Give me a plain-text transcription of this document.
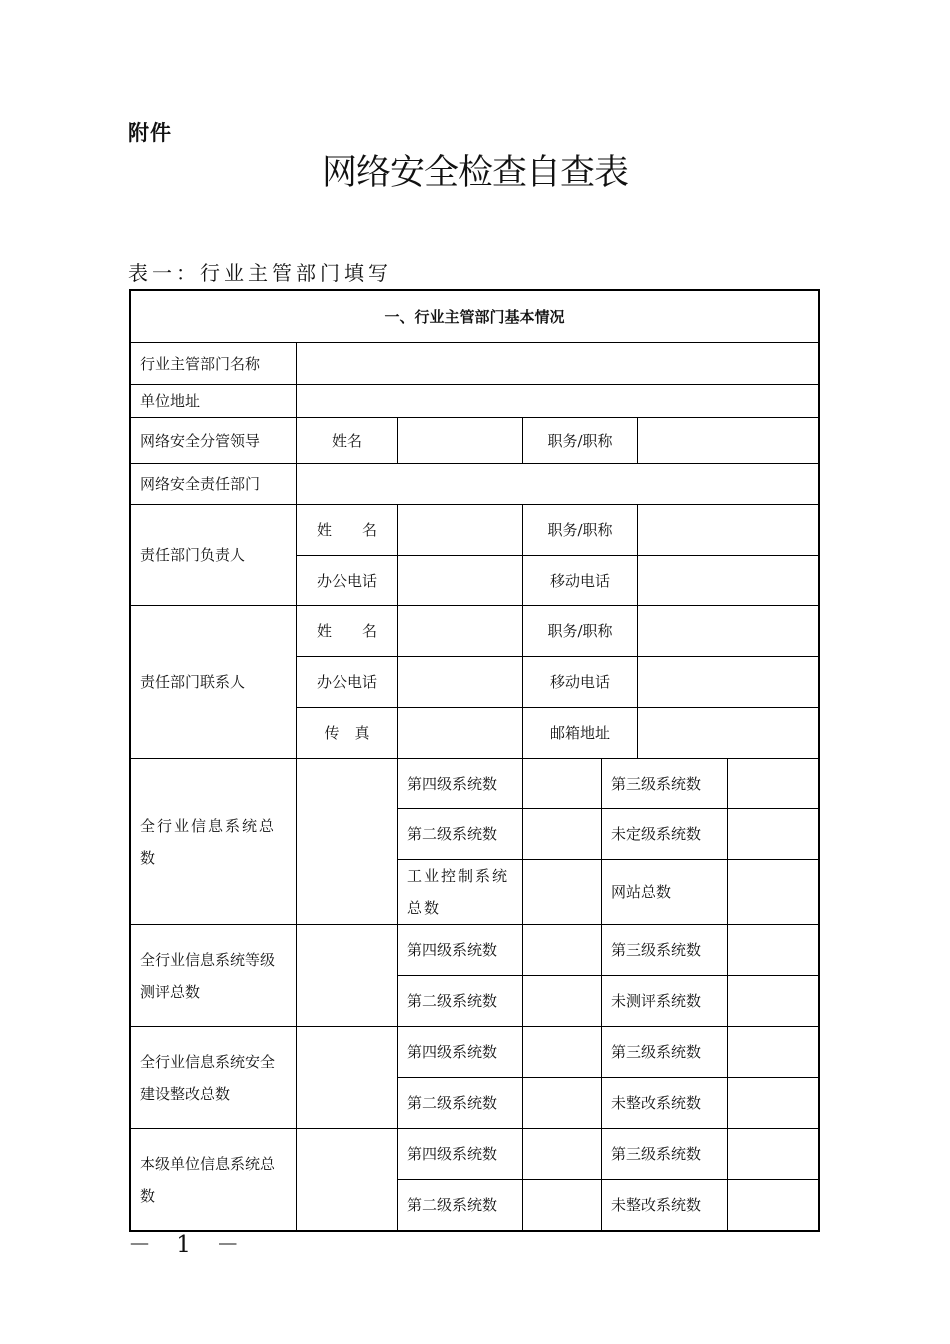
附件
网络安全检查自查表
表一：行业主管部门填写
一、行业主管部门基本情况						
行业主管部门名称						
单位地址						
网络安全分管领导	姓名		职务/职称			
网络安全责任部门						
责任部门负责人	姓　　名		职务/职称			
	办公电话		移动电话			
责任部门联系人	姓　　名		职务/职称			
	办公电话		移动电话			
	传　真		邮箱地址			
全行业信息系统总数		第四级系统数		第三级系统数		
		第二级系统数		未定级系统数		
		工业控制系统总数		网站总数		
全行业信息系统等级测评总数		第四级系统数		第三级系统数		
		第二级系统数		未测评系统数		
全行业信息系统安全建设整改总数		第四级系统数		第三级系统数		
		第二级系统数		未整改系统数		
本级单位信息系统总数		第四级系统数		第三级系统数		
		第二级系统数		未整改系统数		
－ 1 －
